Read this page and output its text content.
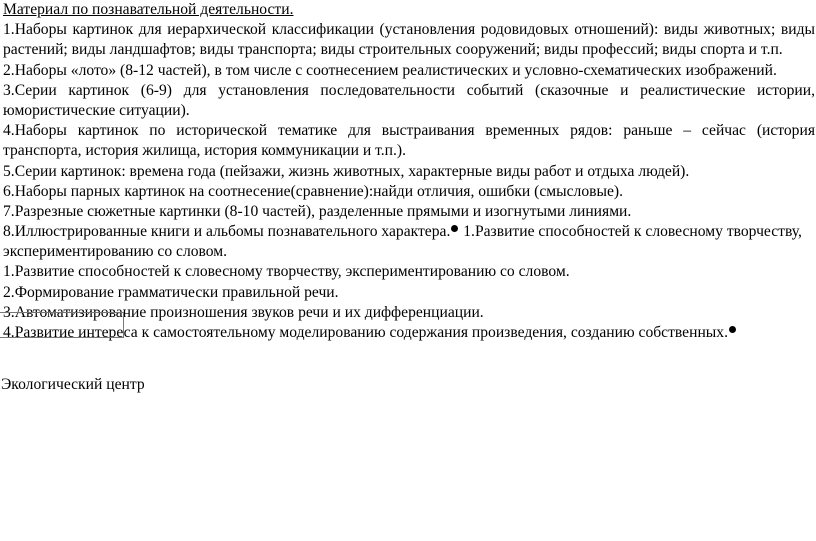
Материал по познавательной деятельности.
1.Наборы картинок для иерархической классификации (установления родовидовых отношений): виды животных; виды
растений; виды ландшафтов; виды транспорта; виды строительных сооружений; виды профессий; виды спорта и т.п.
2.Наборы «лото» (8-12 частей), в том числе с соотнесением реалистических и условно-схематических изображений.
3.Серии картинок (6-9) для установления последовательности событий (сказочные и реалистические истории,
юмористические ситуации).
4.Наборы картинок по исторической тематике для выстраивания временных рядов: раньше – сейчас (история
транспорта, история жилища, история коммуникации и т.п.).
5.Серии картинок: времена года (пейзажи, жизнь животных, характерные виды работ и отдыха людей).
6.Наборы парных картинок на соотнесение(сравнение):найди отличия, ошибки (смысловые).
7.Разрезные сюжетные картинки (8-10 частей), разделенные прямыми и изогнутыми линиями.
8.Иллюстрированные книги и альбомы познавательного характера. 1.Развитие способностей к словесному творчеству,
экспериментированию со словом.
1.Развитие способностей к словесному творчеству, экспериментированию со словом.
2.Формирование грамматически правильной речи.
3.Автоматизирование произношения звуков речи и их дифференциации.
4.Развитие интереса к самостоятельному моделированию содержания произведения, созданию собственных.
Экологический центр
